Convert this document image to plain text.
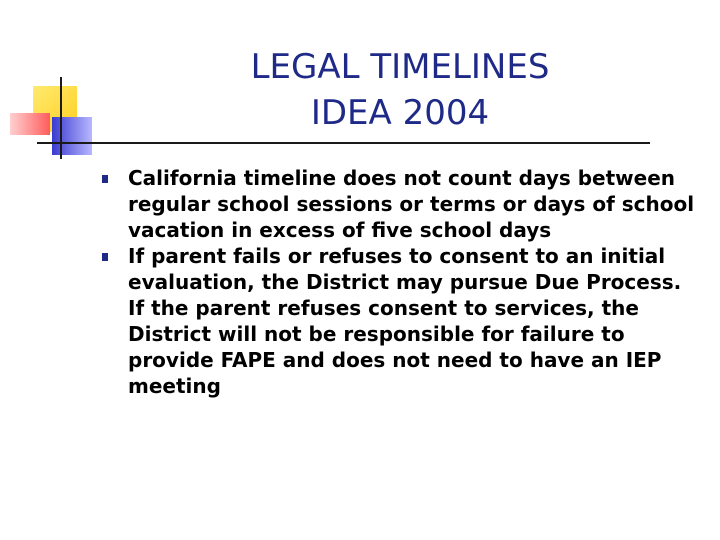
LEGAL TIMELINES
IDEA 2004
California timeline does not count days between regular school sessions or terms or days of school vacation in excess of five school days
If parent fails or refuses to consent to an initial evaluation, the District may pursue Due Process. If the parent refuses consent to services, the District will not be responsible for failure to provide FAPE and does not need to have an IEP meeting
